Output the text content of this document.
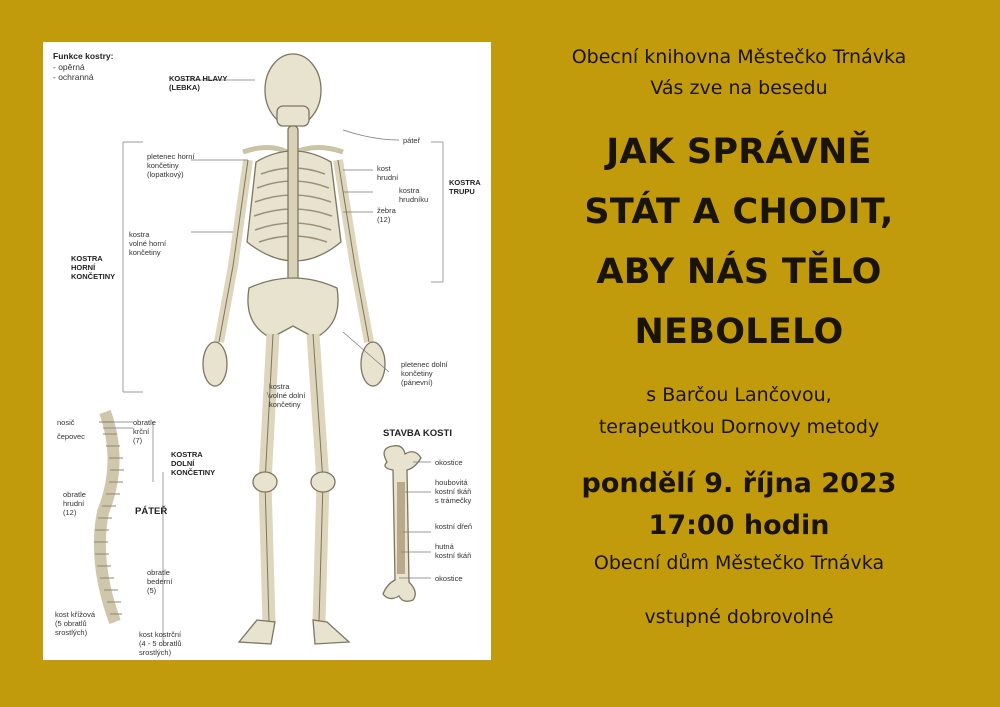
Funkce kostry:
- opěrná
- ochranná	KOSTRA HLAVY
(LEBKA)
páteř
pletenec horní
končetiny
(lopatkový)
kost
hrudní
kostra
hrudníku
žebra
(12)
KOSTRA
TRUPU
kostra
volné horní
končetiny
KOSTRA
HORNÍ
KONČETINY
pletenec dolní
končetiny
(pánevní)
kostra
volné dolní
končetiny
nosič
čepovec
obratle
krční
(7)
obratle
hrudní
(12)	PÁTEŘ
obratle
bederní
(5)
kost křížová
(5 obratlů
srostlých)	kost kostrční
(4 - 5 obratlů
srostlých)
KOSTRA
DOLNÍ
KONČETINY
STAVBA KOSTI
okostice
houbovitá
kostní tkáň
s trámečky
kostní dřeň
hutná
kostní tkáň
okostice
Obecní knihovna Městečko Trnávka
Vás zve na besedu
JAK SPRÁVNĚ
STÁT A CHODIT,
ABY NÁS TĚLO
NEBOLELO
s Barčou Lančovou,
terapeutkou Dornovy metody
pondělí 9. října 2023
17:00 hodin
Obecní dům Městečko Trnávka
vstupné dobrovolné
